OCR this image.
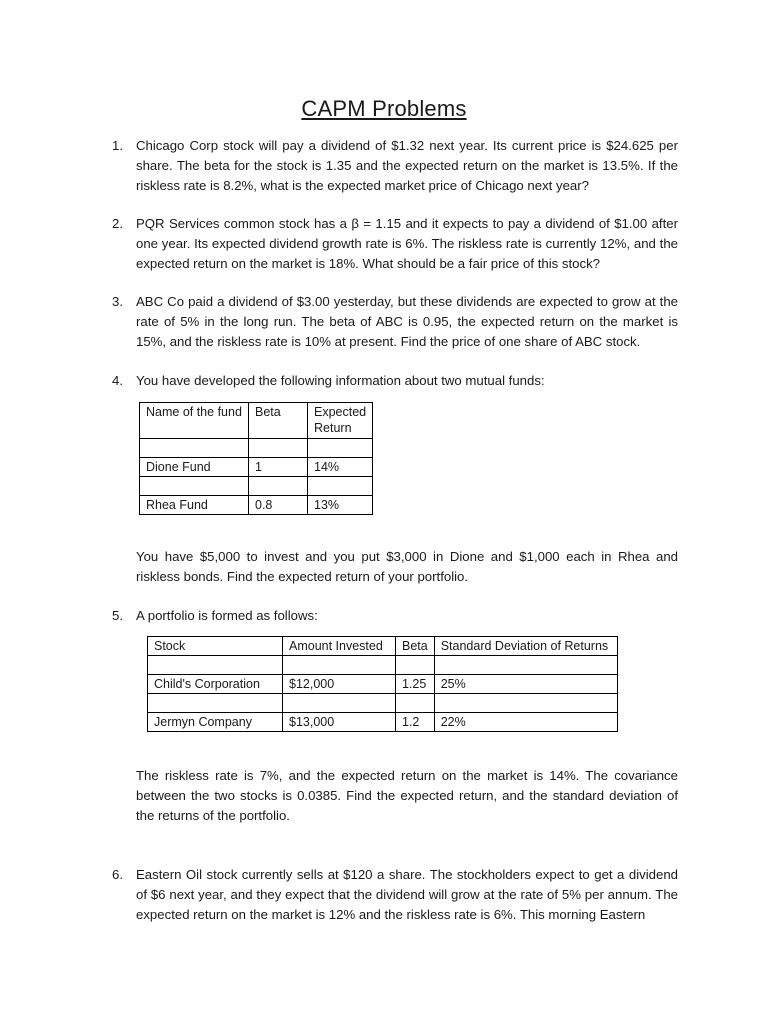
CAPM Problems
1. Chicago Corp stock will pay a dividend of $1.32 next year. Its current price is $24.625 per share. The beta for the stock is 1.35 and the expected return on the market is 13.5%. If the riskless rate is 8.2%, what is the expected market price of Chicago next year?
2. PQR Services common stock has a β = 1.15 and it expects to pay a dividend of $1.00 after one year. Its expected dividend growth rate is 6%. The riskless rate is currently 12%, and the expected return on the market is 18%. What should be a fair price of this stock?
3. ABC Co paid a dividend of $3.00 yesterday, but these dividends are expected to grow at the rate of 5% in the long run. The beta of ABC is 0.95, the expected return on the market is 15%, and the riskless rate is 10% at present. Find the price of one share of ABC stock.
4. You have developed the following information about two mutual funds:
Name of the fund	Beta	Expected Return

Dione Fund	1	14%

Rhea Fund	0.8	13%
You have $5,000 to invest and you put $3,000 in Dione and $1,000 each in Rhea and riskless bonds. Find the expected return of your portfolio.
5. A portfolio is formed as follows:
Stock	Amount Invested	Beta	Standard Deviation of Returns

Child's Corporation	$12,000	1.25	25%

Jermyn Company	$13,000	1.2	22%
The riskless rate is 7%, and the expected return on the market is 14%. The covariance between the two stocks is 0.0385. Find the expected return, and the standard deviation of the returns of the portfolio.
6. Eastern Oil stock currently sells at $120 a share. The stockholders expect to get a dividend of $6 next year, and they expect that the dividend will grow at the rate of 5% per annum. The expected return on the market is 12% and the riskless rate is 6%. This morning Eastern
